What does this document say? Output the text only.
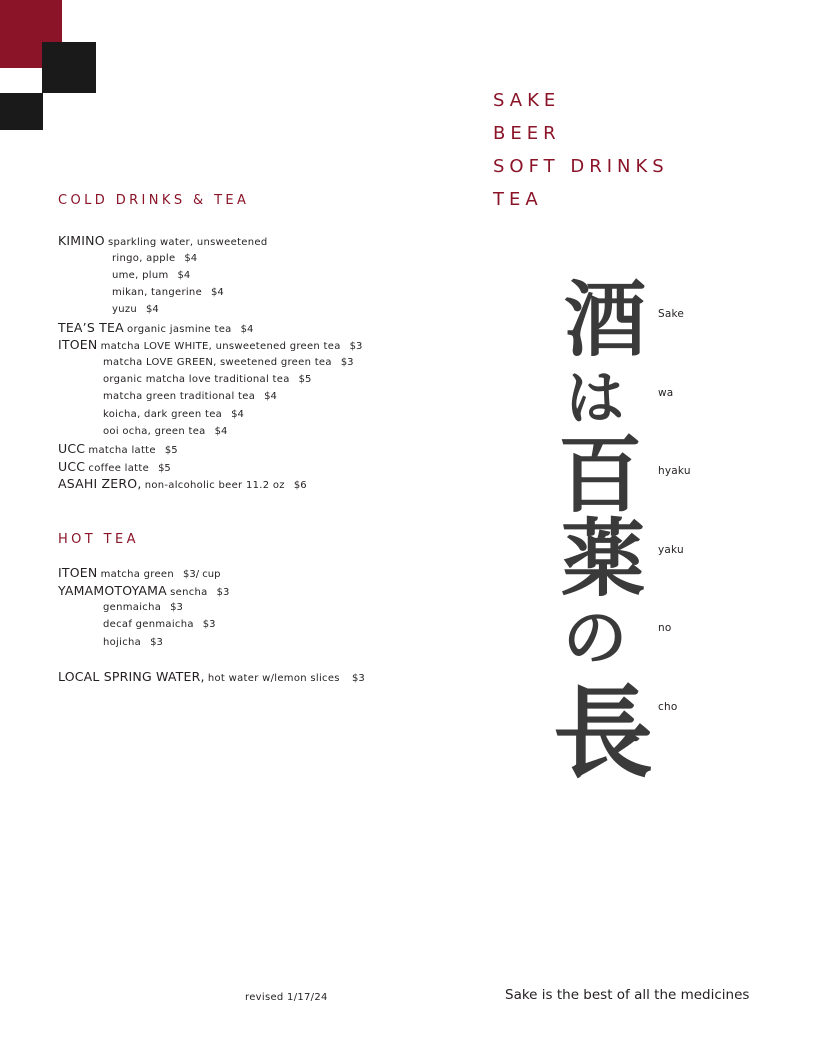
SAKE
BEER
SOFT DRINKS
TEA
COLD DRINKS & TEA
KIMINO sparkling water, unsweetened
ringo, apple $4
ume, plum $4
mikan, tangerine $4
yuzu $4
TEA’S TEA organic jasmine tea $4
ITOEN matcha LOVE WHITE, unsweetened green tea $3
matcha LOVE GREEN, sweetened green tea $3
organic matcha love traditional tea $5
matcha green traditional tea $4
koicha, dark green tea $4
ooi ocha, green tea $4
UCC matcha latte $5
UCC coffee latte $5
ASAHI ZERO, non-alcoholic beer 11.2 oz $6
HOT TEA
ITOEN matcha green $3/ cup
YAMAMOTOYAMA sencha $3
genmaicha $3
decaf genmaicha $3
hojicha $3
LOCAL SPRING WATER, hot water w/lemon slices $3
酒
は
百
薬
の
長
Sake
wa
hyaku
yaku
no
cho
revised 1/17/24	Sake is the best of all the medicines
